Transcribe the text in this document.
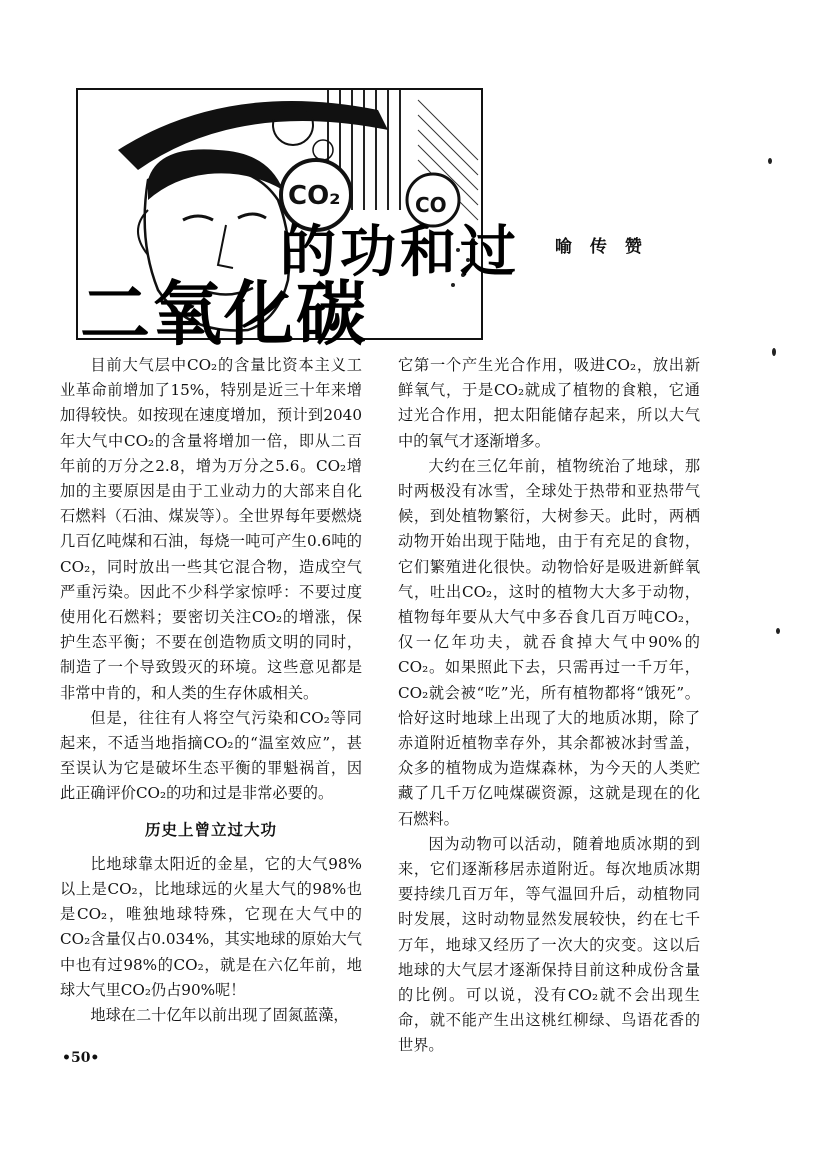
CO₂	CO
的功和过
二氧化碳
喻 传 赞

目前大气层中CO₂的含量比资本主义工业革命前增加了15%，特别是近三十年来增加得较快。如按现在速度增加，预计到2040年大气中CO₂的含量将增加一倍，即从二百年前的万分之2.8，增为万分之5.6。CO₂增加的主要原因是由于工业动力的大部来自化石燃料（石油、煤炭等）。全世界每年要燃烧几百亿吨煤和石油，每烧一吨可产生0.6吨的CO₂，同时放出一些其它混合物，造成空气严重污染。因此不少科学家惊呼：不要过度使用化石燃料；要密切关注CO₂的增涨，保护生态平衡；不要在创造物质文明的同时，制造了一个导致毁灭的环境。这些意见都是非常中肯的，和人类的生存休戚相关。

但是，往往有人将空气污染和CO₂等同起来，不适当地指摘CO₂的“温室效应”，甚至误认为它是破坏生态平衡的罪魁祸首，因此正确评价CO₂的功和过是非常必要的。

历史上曾立过大功

比地球靠太阳近的金星，它的大气98%以上是CO₂，比地球远的火星大气的98%也是CO₂，唯独地球特殊，它现在大气中的CO₂含量仅占0.034%，其实地球的原始大气中也有过98%的CO₂，就是在六亿年前，地球大气里CO₂仍占90%呢！

地球在二十亿年以前出现了固氮蓝藻，

它第一个产生光合作用，吸进CO₂，放出新鲜氧气，于是CO₂就成了植物的食粮，它通过光合作用，把太阳能储存起来，所以大气中的氧气才逐渐增多。

大约在三亿年前，植物统治了地球，那时两极没有冰雪，全球处于热带和亚热带气候，到处植物繁衍，大树参天。此时，两栖动物开始出现于陆地，由于有充足的食物，它们繁殖进化很快。动物恰好是吸进新鲜氧气，吐出CO₂，这时的植物大大多于动物，植物每年要从大气中多吞食几百万吨CO₂，仅一亿年功夫，就吞食掉大气中90%的CO₂。如果照此下去，只需再过一千万年，CO₂就会被“吃”光，所有植物都将“饿死”。恰好这时地球上出现了大的地质冰期，除了赤道附近植物幸存外，其余都被冰封雪盖，众多的植物成为造煤森林，为今天的人类贮藏了几千万亿吨煤碳资源，这就是现在的化石燃料。

因为动物可以活动，随着地质冰期的到来，它们逐渐移居赤道附近。每次地质冰期要持续几百万年，等气温回升后，动植物同时发展，这时动物显然发展较快，约在七千万年，地球又经历了一次大的灾变。这以后地球的大气层才逐渐保持目前这种成份含量的比例。可以说，没有CO₂就不会出现生命，就不能产生出这桃红柳绿、鸟语花香的世界。

•50•
